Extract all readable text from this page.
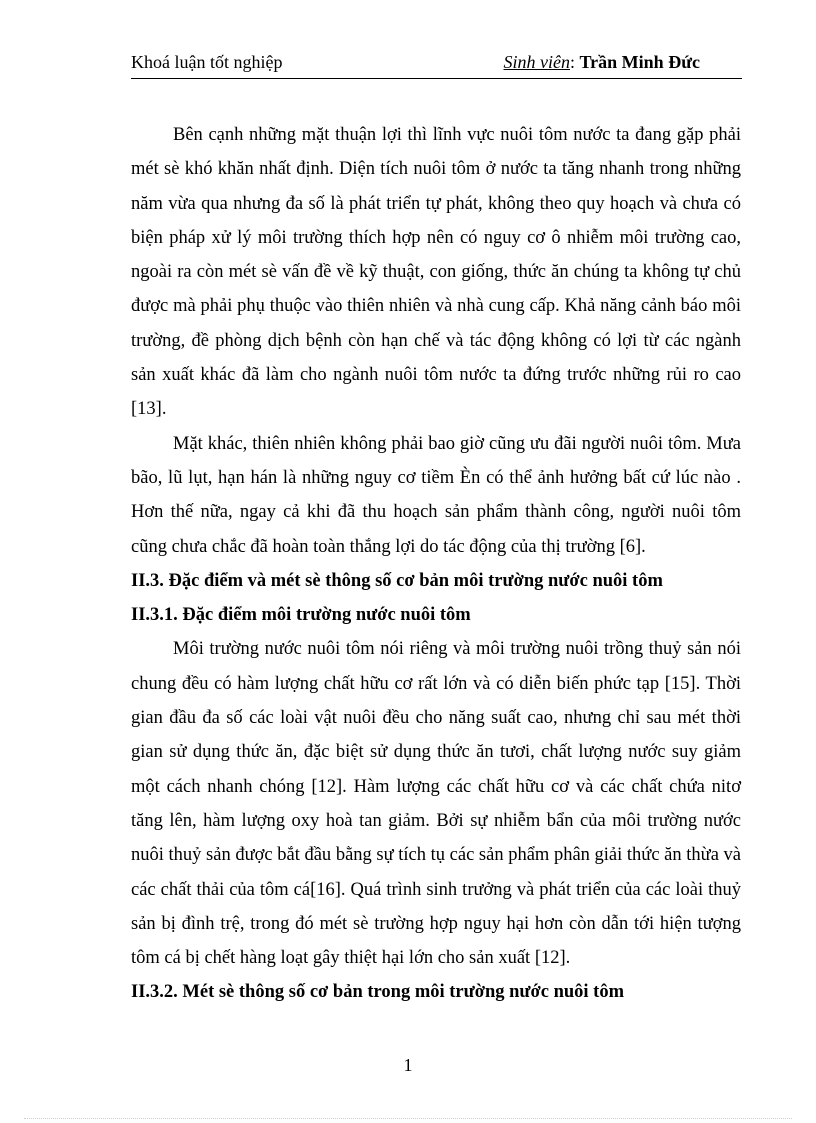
Khoá luận tốt nghiệp	Sinh viên: Trần Minh Đức

Bên cạnh những mặt thuận lợi thì lĩnh vực nuôi tôm nước ta đang gặp phải mét sè khó khăn nhất định. Diện tích nuôi tôm ở nước ta tăng nhanh trong những năm vừa qua nhưng đa số là phát triển tự phát, không theo quy hoạch và chưa có biện pháp xử lý môi trường thích hợp nên có nguy cơ ô nhiễm môi trường cao, ngoài ra còn mét sè vấn đề về kỹ thuật, con giống, thức ăn chúng ta không tự chủ được mà phải phụ thuộc vào thiên nhiên và nhà cung cấp. Khả năng cảnh báo môi trường, đề phòng dịch bệnh còn hạn chế và tác động không có lợi từ các ngành sản xuất khác đã làm cho ngành nuôi tôm nước ta đứng trước những rủi ro cao [13].

Mặt khác, thiên nhiên không phải bao giờ cũng ưu đãi người nuôi tôm. Mưa bão, lũ lụt, hạn hán là những nguy cơ tiềm Èn có thể ảnh hưởng bất cứ lúc nào . Hơn thế nữa, ngay cả khi đã thu hoạch sản phẩm thành công, người nuôi tôm cũng chưa chắc đã hoàn toàn thắng lợi do tác động của thị trường [6].

II.3. Đặc điểm và mét sè thông số cơ bản môi trường nước nuôi tôm

II.3.1. Đặc điểm môi trường nước nuôi tôm

Môi trường nước nuôi tôm nói riêng và môi trường nuôi trồng thuỷ sản nói chung đều có hàm lượng chất hữu cơ rất lớn và có diễn biến phức tạp [15]. Thời gian đầu đa số các loài vật nuôi đều cho năng suất cao, nhưng chỉ sau mét thời gian sử dụng thức ăn, đặc biệt sử dụng thức ăn tươi, chất lượng nước suy giảm một cách nhanh chóng [12]. Hàm lượng các chất hữu cơ và các chất chứa nitơ tăng lên, hàm lượng oxy hoà tan giảm. Bởi sự nhiễm bẩn của môi trường nước nuôi thuỷ sản được bắt đầu bằng sự tích tụ các sản phẩm phân giải thức ăn thừa và các chất thải của tôm cá[16]. Quá trình sinh trưởng và phát triển của các loài thuỷ sản bị đình trệ, trong đó mét sè trường hợp nguy hại hơn còn dẫn tới hiện tượng tôm cá bị chết hàng loạt gây thiệt hại lớn cho sản xuất [12].

II.3.2. Mét sè thông số cơ bản trong môi trường nước nuôi tôm

1
